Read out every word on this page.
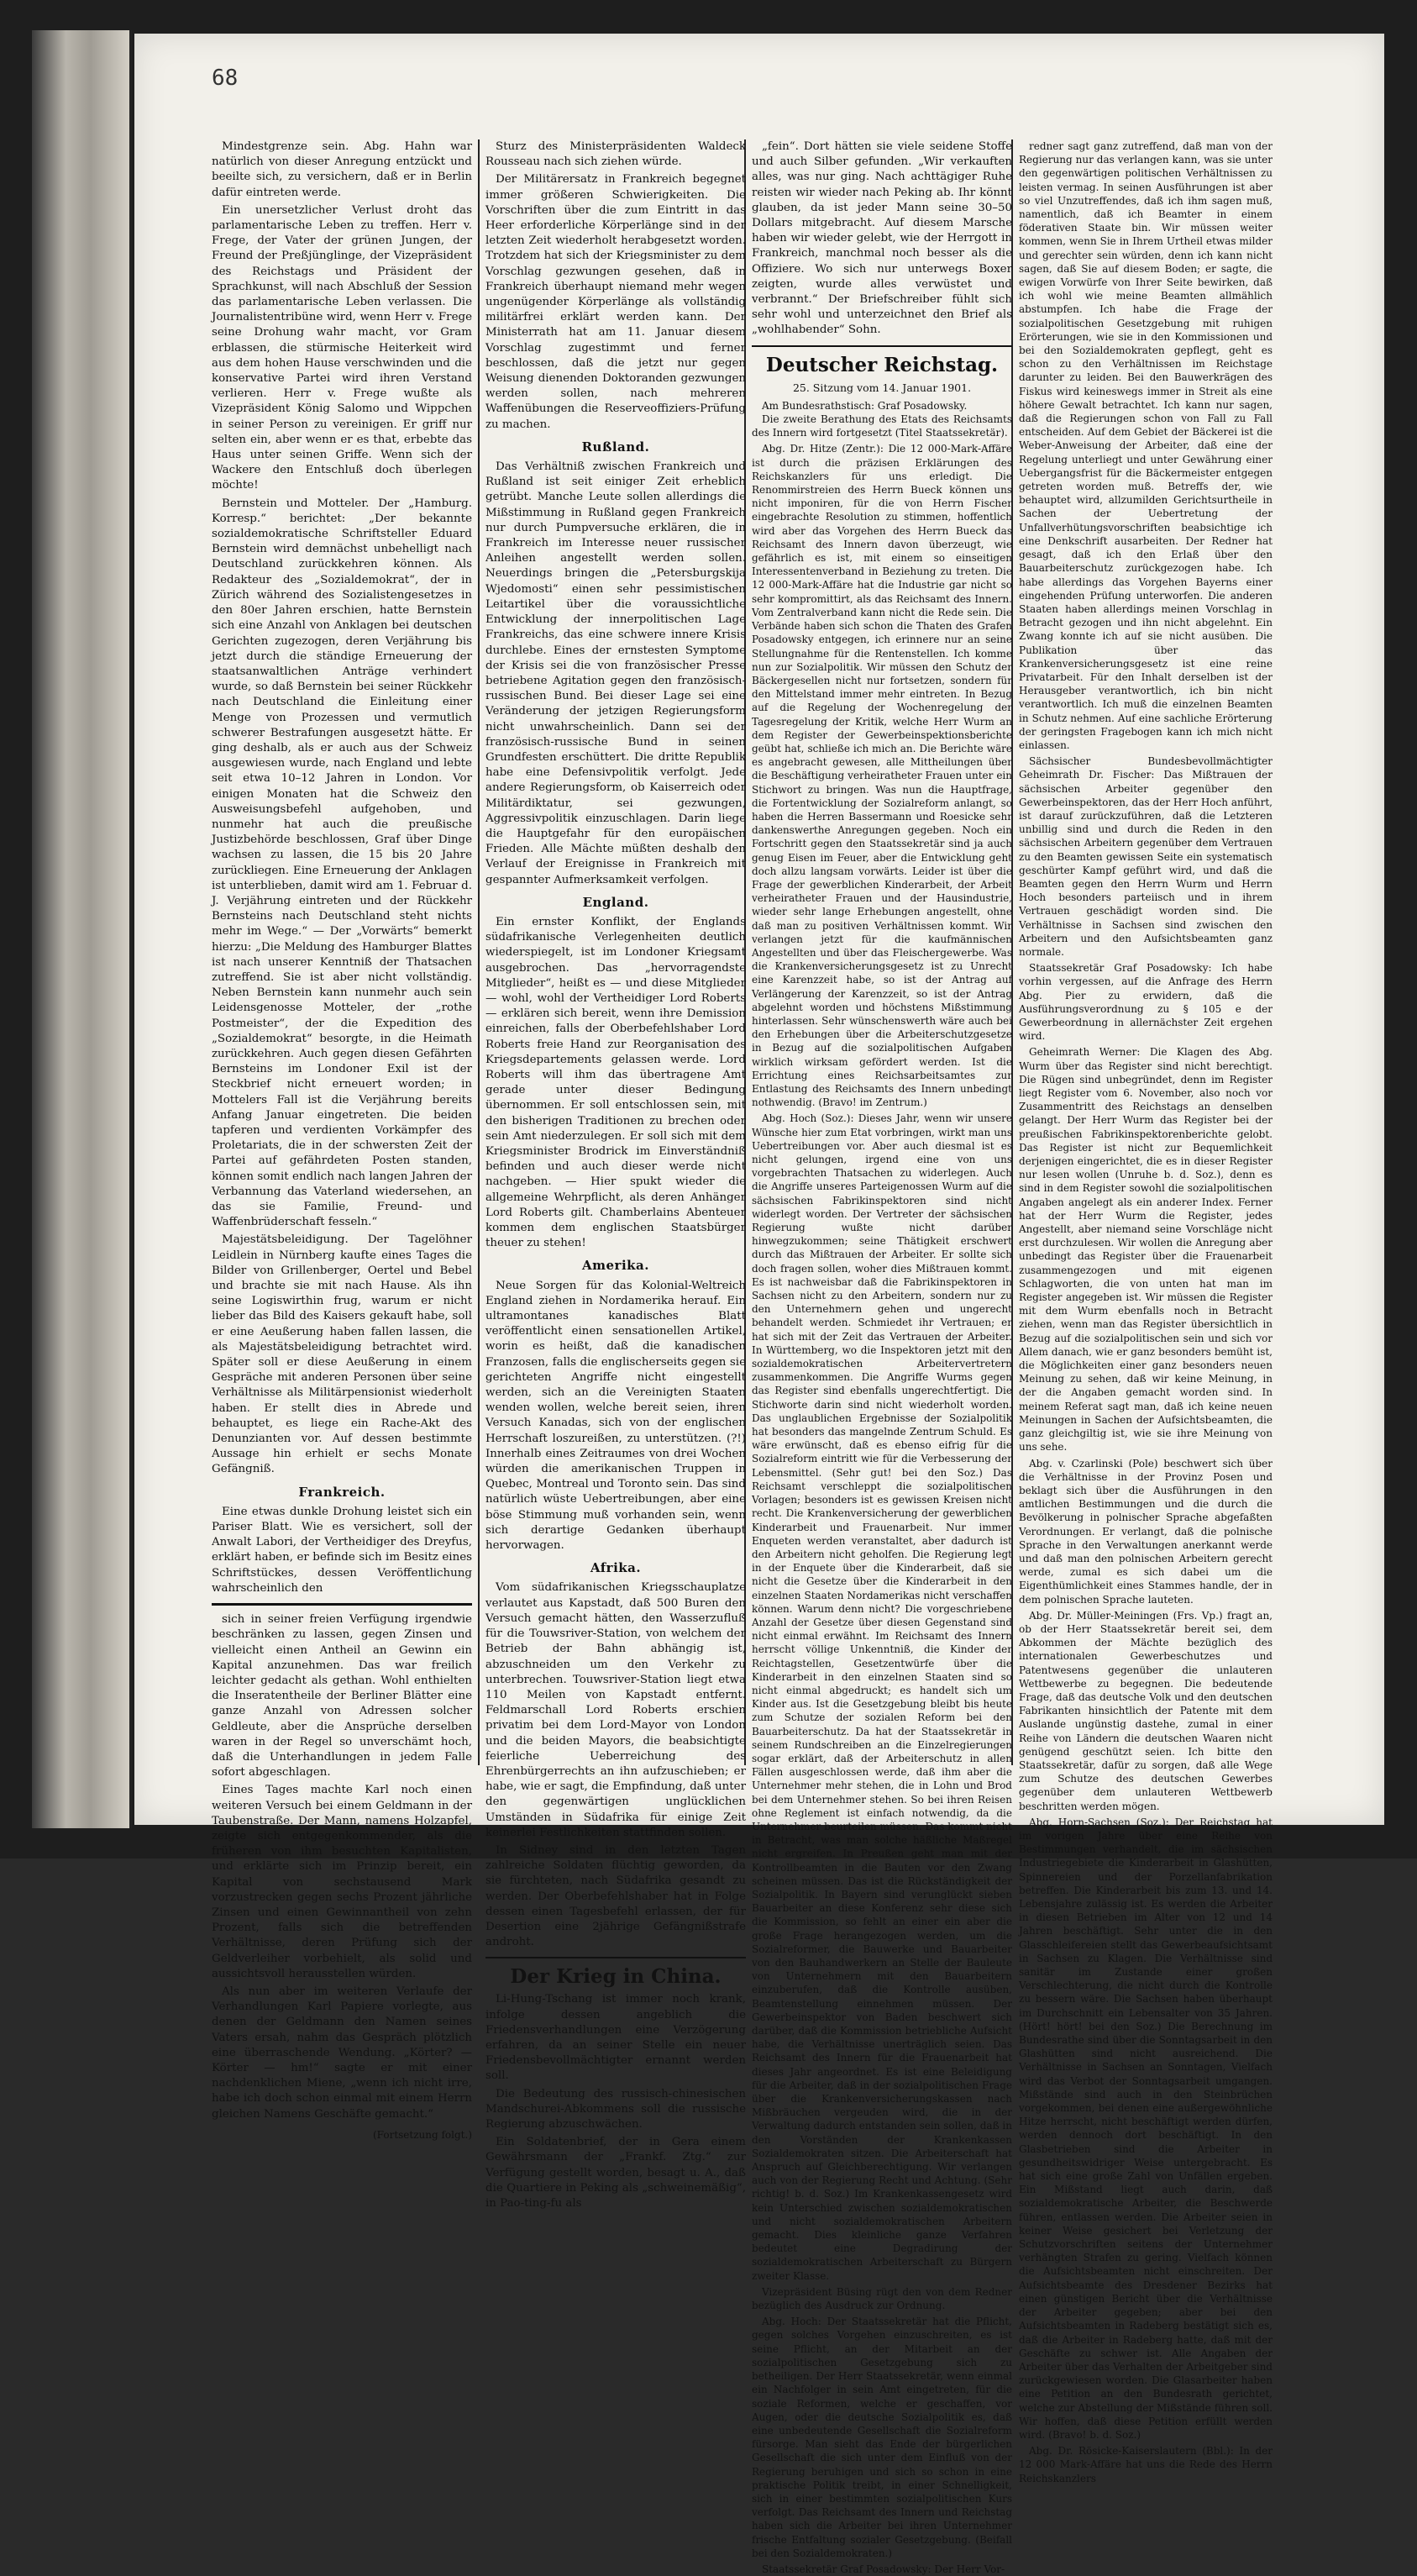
68

Mindestgrenze sein. Abg. Hahn war natürlich von dieser Anregung entzückt und beeilte sich, zu versichern, daß er in Berlin dafür eintreten werde.

Ein unersetzlicher Verlust droht das parlamentarische Leben zu treffen. Herr v. Frege, der Vater der grünen Jungen, der Freund der Preßjünglinge, der Vizepräsident des Reichstags und Präsident der Sprachkunst, will nach Abschluß der Session das parlamentarische Leben verlassen. Die Journalistentribüne wird, wenn Herr v. Frege seine Drohung wahr macht, vor Gram erblassen, die stürmische Heiterkeit wird aus dem hohen Hause verschwinden und die konservative Partei wird ihren Verstand verlieren. Herr v. Frege wußte als Vizepräsident König Salomo und Wippchen in seiner Person zu vereinigen. Er griff nur selten ein, aber wenn er es that, erbebte das Haus unter seinen Griffe. Wenn sich der Wackere den Entschluß doch überlegen möchte!

Bernstein und Motteler. Der „Hamburg. Korresp.“ berichtet: „Der bekannte sozialdemokratische Schriftsteller Eduard Bernstein wird demnächst unbehelligt nach Deutschland zurückkehren können. Als Redakteur des „Sozialdemokrat“, der in Zürich während des Sozialistengesetzes in den 80er Jahren erschien, hatte Bernstein sich eine Anzahl von Anklagen bei deutschen Gerichten zugezogen, deren Verjährung bis jetzt durch die ständige Erneuerung der staatsanwaltlichen Anträge verhindert wurde, so daß Bernstein bei seiner Rückkehr nach Deutschland die Einleitung einer Menge von Prozessen und vermutlich schwerer Bestrafungen ausgesetzt hätte. Er ging deshalb, als er auch aus der Schweiz ausgewiesen wurde, nach England und lebte seit etwa 10–12 Jahren in London. Vor einigen Monaten hat die Schweiz den Ausweisungsbefehl aufgehoben, und nunmehr hat auch die preußische Justizbehörde beschlossen, Graf über Dinge wachsen zu lassen, die 15 bis 20 Jahre zurückliegen. Eine Erneuerung der Anklagen ist unterblieben, damit wird am 1. Februar d. J. Verjährung eintreten und der Rückkehr Bernsteins nach Deutschland steht nichts mehr im Wege.“ — Der „Vorwärts“ bemerkt hierzu: „Die Meldung des Hamburger Blattes ist nach unserer Kenntniß der Thatsachen zutreffend. Sie ist aber nicht vollständig. Neben Bernstein kann nunmehr auch sein Leidensgenosse Motteler, der „rothe Postmeister“, der die Expedition des „Sozialdemokrat“ besorgte, in die Heimath zurückkehren. Auch gegen diesen Gefährten Bernsteins im Londoner Exil ist der Steckbrief nicht erneuert worden; in Mottelers Fall ist die Verjährung bereits Anfang Januar eingetreten. Die beiden tapferen und verdienten Vorkämpfer des Proletariats, die in der schwersten Zeit der Partei auf gefährdeten Posten standen, können somit endlich nach langen Jahren der Verbannung das Vaterland wiedersehen, an das sie Familie, Freund- und Waffenbrüderschaft fesseln.“

Majestätsbeleidigung. Der Tagelöhner Leidlein in Nürnberg kaufte eines Tages die Bilder von Grillenberger, Oertel und Bebel und brachte sie mit nach Hause. Als ihn seine Logiswirthin frug, warum er nicht lieber das Bild des Kaisers gekauft habe, soll er eine Aeußerung haben fallen lassen, die als Majestätsbeleidigung betrachtet wird. Später soll er diese Aeußerung in einem Gespräche mit anderen Personen über seine Verhältnisse als Militärpensionist wiederholt haben. Er stellt dies in Abrede und behauptet, es liege ein Rache-Akt des Denunzianten vor. Auf dessen bestimmte Aussage hin erhielt er sechs Monate Gefängniß.

Frankreich.

Eine etwas dunkle Drohung leistet sich ein Pariser Blatt. Wie es versichert, soll der Anwalt Labori, der Vertheidiger des Dreyfus, erklärt haben, er befinde sich im Besitz eines Schriftstückes, dessen Veröffentlichung wahrscheinlich den

sich in seiner freien Verfügung irgendwie beschränken zu lassen, gegen Zinsen und vielleicht einen Antheil an Gewinn ein Kapital anzunehmen. Das war freilich leichter gedacht als gethan. Wohl enthielten die Inseratentheile der Berliner Blätter eine ganze Anzahl von Adressen solcher Geldleute, aber die Ansprüche derselben waren in der Regel so unverschämt hoch, daß die Unterhandlungen in jedem Falle sofort abgeschlagen.

Eines Tages machte Karl noch einen weiteren Versuch bei einem Geldmann in der Taubenstraße. Der Mann, namens Holzapfel, zeigte sich entgegenkommender, als die früheren von ihm besuchten Kapitalisten, und erklärte sich im Prinzip bereit, ein Kapital von sechstausend Mark vorzustrecken gegen sechs Prozent jährliche Zinsen und einen Gewinnantheil von zehn Prozent, falls sich die betreffenden Verhältnisse, deren Prüfung sich der Geldverleiher vorbehielt, als solid und aussichtsvoll herausstellen würden.

Als nun aber im weiteren Verlaufe der Verhandlungen Karl Papiere vorlegte, aus denen der Geldmann den Namen seines Vaters ersah, nahm das Gespräch plötzlich eine überraschende Wendung. „Körter? — Körter — hm!“ sagte er mit einer nachdenklichen Miene, „wenn ich nicht irre, habe ich doch schon einmal mit einem Herrn gleichen Namens Geschäfte gemacht.“

(Fortsetzung folgt.)

Sturz des Ministerpräsidenten Waldeck Rousseau nach sich ziehen würde.

Der Militärersatz in Frankreich begegnet immer größeren Schwierigkeiten. Die Vorschriften über die zum Eintritt in das Heer erforderliche Körperlänge sind in der letzten Zeit wiederholt herabgesetzt worden. Trotzdem hat sich der Kriegsminister zu dem Vorschlag gezwungen gesehen, daß in Frankreich überhaupt niemand mehr wegen ungenügender Körperlänge als vollständig militärfrei erklärt werden kann. Der Ministerrath hat am 11. Januar diesem Vorschlag zugestimmt und ferner beschlossen, daß die jetzt nur gegen Weisung dienenden Doktoranden gezwungen werden sollen, nach mehreren Waffenübungen die Reserveoffiziers-Prüfung zu machen.

Rußland.

Das Verhältniß zwischen Frankreich und Rußland ist seit einiger Zeit erheblich getrübt. Manche Leute sollen allerdings die Mißstimmung in Rußland gegen Frankreich nur durch Pumpversuche erklären, die in Frankreich im Interesse neuer russischer Anleihen angestellt werden sollen. Neuerdings bringen die „Petersburgskija Wjedomosti“ einen sehr pessimistischen Leitartikel über die voraussichtliche Entwicklung der innerpolitischen Lage Frankreichs, das eine schwere innere Krisis durchlebe. Eines der ernstesten Symptome der Krisis sei die von französischer Presse betriebene Agitation gegen den französisch-russischen Bund. Bei dieser Lage sei eine Veränderung der jetzigen Regierungsform nicht unwahrscheinlich. Dann sei der französisch-russische Bund in seinen Grundfesten erschüttert. Die dritte Republik habe eine Defensivpolitik verfolgt. Jede andere Regierungsform, ob Kaiserreich oder Militärdiktatur, sei gezwungen, Aggressivpolitik einzuschlagen. Darin liege die Hauptgefahr für den europäischen Frieden. Alle Mächte müßten deshalb den Verlauf der Ereignisse in Frankreich mit gespannter Aufmerksamkeit verfolgen.

England.

Ein ernster Konflikt, der Englands südafrikanische Verlegenheiten deutlich wiederspiegelt, ist im Londoner Kriegsamt ausgebrochen. Das „hervorragendste Mitglieder“, heißt es — und diese Mitglieder — wohl, wohl der Vertheidiger Lord Roberts — erklären sich bereit, wenn ihre Demission einreichen, falls der Oberbefehlshaber Lord Roberts freie Hand zur Reorganisation des Kriegsdepartements gelassen werde. Lord Roberts will ihm das übertragene Amt gerade unter dieser Bedingung übernommen. Er soll entschlossen sein, mit den bisherigen Traditionen zu brechen oder sein Amt niederzulegen. Er soll sich mit dem Kriegsminister Brodrick im Einverständniß befinden und auch dieser werde nicht nachgeben. — Hier spukt wieder die allgemeine Wehrpflicht, als deren Anhänger Lord Roberts gilt. Chamberlains Abenteuer kommen dem englischen Staatsbürger theuer zu stehen!

Amerika.

Neue Sorgen für das Kolonial-Weltreich England ziehen in Nordamerika herauf. Ein ultramontanes kanadisches Blatt veröffentlicht einen sensationellen Artikel, worin es heißt, daß die kanadischen Franzosen, falls die englischerseits gegen sie gerichteten Angriffe nicht eingestellt werden, sich an die Vereinigten Staaten wenden wollen, welche bereit seien, ihren Versuch Kanadas, sich von der englischen Herrschaft loszureißen, zu unterstützen. (?!) Innerhalb eines Zeitraumes von drei Wochen würden die amerikanischen Truppen in Quebec, Montreal und Toronto sein. Das sind natürlich wüste Uebertreibungen, aber eine böse Stimmung muß vorhanden sein, wenn sich derartige Gedanken überhaupt hervorwagen.

Afrika.

Vom südafrikanischen Kriegsschauplatze verlautet aus Kapstadt, daß 500 Buren den Versuch gemacht hätten, den Wasserzufluß für die Touwsriver-Station, von welchem der Betrieb der Bahn abhängig ist, abzuschneiden um den Verkehr zu unterbrechen. Touwsriver-Station liegt etwa 110 Meilen von Kapstadt entfernt. Feldmarschall Lord Roberts erschien privatim bei dem Lord-Mayor von London und die beiden Mayors, die beabsichtigte feierliche Ueberreichung des Ehrenbürgerrechts an ihn aufzuschieben; er habe, wie er sagt, die Empfindung, daß unter den gegenwärtigen unglücklichen Umständen in Südafrika für einige Zeit keinerlei Festlichkeiten stattfinden sollen.

In Sidney sind in den letzten Tagen zahlreiche Soldaten flüchtig geworden, da sie fürchteten, nach Südafrika gesandt zu werden. Der Oberbefehlshaber hat in Folge dessen einen Tagesbefehl erlassen, der für Desertion eine 2jährige Gefängnißstrafe androht.

Der Krieg in China.

Li-Hung-Tschang ist immer noch krank, infolge dessen angeblich die Friedensverhandlungen eine Verzögerung erfahren, da an seiner Stelle ein neuer Friedensbevollmächtigter ernannt werden soll.

Die Bedeutung des russisch-chinesischen Mandschurei-Abkommens soll die russische Regierung abzuschwächen.

Ein Soldatenbrief, der in Gera einem Gewährsmann der „Frankf. Ztg.“ zur Verfügung gestellt worden, besagt u. A., daß die Quartiere in Peking als „schweinemäßig“, in Pao-ting-fu als

„fein“. Dort hätten sie viele seidene Stoffe und auch Silber gefunden. „Wir verkauften alles, was nur ging. Nach achttägiger Ruhe reisten wir wieder nach Peking ab. Ihr könnt glauben, da ist jeder Mann seine 30–50 Dollars mitgebracht. Auf diesem Marsche haben wir wieder gelebt, wie der Herrgott in Frankreich, manchmal noch besser als die Offiziere. Wo sich nur unterwegs Boxer zeigten, wurde alles verwüstet und verbrannt.“ Der Briefschreiber fühlt sich sehr wohl und unterzeichnet den Brief als „wohlhabender“ Sohn.

Deutscher Reichstag.
25. Sitzung vom 14. Januar 1901.
Am Bundesrathstisch: Graf Posadowsky.

Die zweite Berathung des Etats des Reichsamts des Innern wird fortgesetzt (Titel Staatssekretär).

Abg. Dr. Hitze (Zentr.): Die 12 000-Mark-Affäre ist durch die präzisen Erklärungen des Reichskanzlers für uns erledigt. Die Renommirstreien des Herrn Bueck können uns nicht imponiren, für die von Herrn Fischer eingebrachte Resolution zu stimmen, hoffentlich wird aber das Vorgehen des Herrn Bueck das Reichsamt des Innern davon überzeugt, wie gefährlich es ist, mit einem so einseitigen Interessentenverband in Beziehung zu treten. Die 12 000-Mark-Affäre hat die Industrie gar nicht so sehr kompromittirt, als das Reichsamt des Innern. Vom Zentralverband kann nicht die Rede sein. Die Verbände haben sich schon die Thaten des Grafen Posadowsky entgegen, ich erinnere nur an seine Stellungnahme für die Rentenstellen. Ich komme nun zur Sozialpolitik. Wir müssen den Schutz der Bäckergesellen nicht nur fortsetzen, sondern für den Mittelstand immer mehr eintreten. In Bezug auf die Regelung der Wochenregelung der Tagesregelung der Kritik, welche Herr Wurm an dem Register der Gewerbeinspektionsberichte geübt hat, schließe ich mich an. Die Berichte wäre es angebracht gewesen, alle Mittheilungen über die Beschäftigung verheiratheter Frauen unter ein Stichwort zu bringen. Was nun die Hauptfrage, die Fortentwicklung der Sozialreform anlangt, so haben die Herren Bassermann und Roesicke sehr dankenswerthe Anregungen gegeben. Noch ein Fortschritt gegen den Staatssekretär sind ja auch genug Eisen im Feuer, aber die Entwicklung geht doch allzu langsam vorwärts. Leider ist über die Frage der gewerblichen Kinderarbeit, der Arbeit verheiratheter Frauen und der Hausindustrie, wieder sehr lange Erhebungen angestellt, ohne daß man zu positiven Verhältnissen kommt. Wir verlangen jetzt für die kaufmännischen Angestellten und über das Fleischergewerbe. Was die Krankenversicherungsgesetz ist zu Unrecht eine Karenzzeit habe, so ist der Antrag auf Verlängerung der Karenzzeit, so ist der Antrag abgelehnt worden und höchstens Mißstimmung hinterlassen. Sehr wünschenswerth wäre auch bei den Erhebungen über die Arbeiterschutzgesetze in Bezug auf die sozialpolitischen Aufgaben wirklich wirksam gefördert werden. Ist die Errichtung eines Reichsarbeitsamtes zur Entlastung des Reichsamts des Innern unbedingt nothwendig. (Bravo! im Zentrum.)

Abg. Hoch (Soz.): Dieses Jahr, wenn wir unsere Wünsche hier zum Etat vorbringen, wirkt man uns Uebertreibungen vor. Aber auch diesmal ist es nicht gelungen, irgend eine von uns vorgebrachten Thatsachen zu widerlegen. Auch die Angriffe unseres Parteigenossen Wurm auf die sächsischen Fabrikinspektoren sind nicht widerlegt worden. Der Vertreter der sächsischen Regierung wußte nicht darüber hinwegzukommen; seine Thätigkeit erschwert durch das Mißtrauen der Arbeiter. Er sollte sich doch fragen sollen, woher dies Mißtrauen kommt. Es ist nachweisbar daß die Fabrikinspektoren in Sachsen nicht zu den Arbeitern, sondern nur zu den Unternehmern gehen und ungerecht behandelt werden. Schmiedet ihr Vertrauen; er hat sich mit der Zeit das Vertrauen der Arbeiter. In Württemberg, wo die Inspektoren jetzt mit den sozialdemokratischen Arbeitervertretern zusammenkommen. Die Angriffe Wurms gegen das Register sind ebenfalls ungerechtfertigt. Die Stichworte darin sind nicht wiederholt worden. Das unglaublichen Ergebnisse der Sozialpolitik hat besonders das mangelnde Zentrum Schuld. Es wäre erwünscht, daß es ebenso eifrig für die Sozialreform eintritt wie für die Verbesserung der Lebensmittel. (Sehr gut! bei den Soz.) Das Reichsamt verschleppt die sozialpolitischen Vorlagen; besonders ist es gewissen Kreisen nicht recht. Die Krankenversicherung der gewerblichen Kinderarbeit und Frauenarbeit. Nur immer Enqueten werden veranstaltet, aber dadurch ist den Arbeitern nicht geholfen. Die Regierung legt in der Enquete über die Kinderarbeit, daß sie nicht die Gesetze über die Kinderarbeit in den einzelnen Staaten Nordamerikas nicht verschaffen können. Warum denn nicht? Die vorgeschriebene Anzahl der Gesetze über diesen Gegenstand sind nicht einmal erwähnt. Im Reichsamt des Innern herrscht völlige Unkenntniß, die Kinder der Reichtagstellen, Gesetzentwürfe über die Kinderarbeit in den einzelnen Staaten sind so nicht einmal abgedruckt; es handelt sich um Kinder aus. Ist die Gesetzgebung bleibt bis heute zum Schutze der sozialen Reform bei den Bauarbeiterschutz. Da hat der Staatssekretär in seinem Rundschreiben an die Einzelregierungen sogar erklärt, daß der Arbeiterschutz in allen Fällen ausgeschlossen werde, daß ihm aber die Unternehmer mehr stehen, die in Lohn und Brod bei dem Unternehmer stehen. So bei ihren Reisen ohne Reglement ist einfach notwendig, da die Unternehmer beurteilen müssen. Das kommt nicht in Betracht, was man solche häßliche Maßregel nicht ergreifen. In Preußen geht man mit der Kontrollbeamten in die Bauten vor den Zwang scheinen müssen. Das ist die Rückständigkeit der Sozialpolitik. In Bayern sind verunglückt sieben Bauarbeiter an diese Konferenz sehr diese sich die Kommission, so fehlt an einer ein aber die große Frage herangezogen werden, um die Sozialreformer, die Bauwerke und Bauarbeiter von den Bauhandwerkern an Stelle der Bauleute von Unternehmern mit den Bauarbeitern einzuberufen, daß die Kontrolle ausüben, Beamtenstellung einnehmen müssen. Der Gewerbeinspektor von Baden beschwert sich darüber, daß die Kommission betriebliche Aufsicht habe, die Verhältnisse unerträglich seien. Das Reichsamt des Innern für die Frauenarbeit hat dieses Jahr angeordnet. Es ist eine Beleidigung für die Arbeiter, daß in der sozialpolitischen Frage über die Krankenversicherungskassen nach Mißbräuchen vergeuden wird, die in der Verwaltung dadurch entstanden sein sollen, daß in den Vorständen der Krankenkassen Sozialdemokraten sitzen. Die Arbeiterschaft hat Anspruch auf Gleichberechtigung. Wir verlangen auch von der Regierung Recht und Achtung. (Sehr richtig! b. d. Soz.) Im Krankenkassengesetz wird kein Unterschied zwischen sozialdemokratischen und nicht sozialdemokratischen Arbeitern gemacht. Dies kleinliche ganze Verfahren bedeutet eine Degradirung der sozialdemokratischen Arbeiterschaft zu Bürgern zweiter Klasse.

Vizepräsident Büsing rügt den von dem Redner bezüglich des Ausdruck zur Ordnung.

Abg. Hoch: Der Staatssekretär hat die Pflicht, gegen solches Vorgehen einzuschreiten, es ist seine Pflicht, an der Mitarbeit an der sozialpolitischen Gesetzgebung sich zu betheiligen. Der Herr Staatssekretär, wenn einmal ein Nachfolger in sein Amt eingetreten, für die soziale Reformen, welche er geschaffen, vor Augen, oder die deutsche Sozialpolitik es, daß eine unbedeutende Gesellschaft die Sozialreform fürsorge. Man sieht das Ende der bürgerlichen Gesellschaft die sich unter dem Einfluß von der Regierung beruhigen und sich so schon in eine praktische Politik treibt, in einer Schnelligkeit, sich in einer bestimmten sozialpolitischen Kurs verfolgt. Das Reichsamt des Innern und Reichstag haben sich die Arbeiter bei ihren Unternehmer frische Entfaltung sozialer Gesetzgebung. (Beifall bei den Sozialdemokraten.)

Staatssekretär Graf Posadowsky: Der Herr Vor-

redner sagt ganz zutreffend, daß man von der Regierung nur das verlangen kann, was sie unter den gegenwärtigen politischen Verhältnissen zu leisten vermag. In seinen Ausführungen ist aber so viel Unzutreffendes, daß ich ihm sagen muß, namentlich, daß ich Beamter in einem föderativen Staate bin. Wir müssen weiter kommen, wenn Sie in Ihrem Urtheil etwas milder und gerechter sein würden, denn ich kann nicht sagen, daß Sie auf diesem Boden; er sagte, die ewigen Vorwürfe von Ihrer Seite bewirken, daß ich wohl wie meine Beamten allmählich abstumpfen. Ich habe die Frage der sozialpolitischen Gesetzgebung mit ruhigen Erörterungen, wie sie in den Kommissionen und bei den Sozialdemokraten gepflegt, geht es schon zu den Verhältnissen im Reichstage darunter zu leiden. Bei den Bauwerkrägen des Fiskus wird keineswegs immer in Streit als eine höhere Gewalt betrachtet. Ich kann nur sagen, daß die Regierungen schon von Fall zu Fall entscheiden. Auf dem Gebiet der Bäckerei ist die Weber-Anweisung der Arbeiter, daß eine der Regelung unterliegt und unter Gewährung einer Uebergangsfrist für die Bäckermeister entgegen getreten worden muß. Betreffs der, wie behauptet wird, allzumilden Gerichtsurtheile in Sachen der Uebertretung der Unfallverhütungsvorschriften beabsichtige ich eine Denkschrift ausarbeiten. Der Redner hat gesagt, daß ich den Erlaß über den Bauarbeiterschutz zurückgezogen habe. Ich habe allerdings das Vorgehen Bayerns einer eingehenden Prüfung unterworfen. Die anderen Staaten haben allerdings meinen Vorschlag in Betracht gezogen und ihn nicht abgelehnt. Ein Zwang konnte ich auf sie nicht ausüben. Die Publikation über das Krankenversicherungsgesetz ist eine reine Privatarbeit. Für den Inhalt derselben ist der Herausgeber verantwortlich, ich bin nicht verantwortlich. Ich muß die einzelnen Beamten in Schutz nehmen. Auf eine sachliche Erörterung der geringsten Fragebogen kann ich mich nicht einlassen.

Sächsischer Bundesbevollmächtigter Geheimrath Dr. Fischer: Das Mißtrauen der sächsischen Arbeiter gegenüber den Gewerbeinspektoren, das der Herr Hoch anführt, ist darauf zurückzuführen, daß die Letzteren unbillig sind und durch die Reden in den sächsischen Arbeitern gegenüber dem Vertrauen zu den Beamten gewissen Seite ein systematisch geschürter Kampf geführt wird, und daß die Beamten gegen den Herrn Wurm und Herrn Hoch besonders parteiisch und in ihrem Vertrauen geschädigt worden sind. Die Verhältnisse in Sachsen sind zwischen den Arbeitern und den Aufsichtsbeamten ganz normale.

Staatssekretär Graf Posadowsky: Ich habe vorhin vergessen, auf die Anfrage des Herrn Abg. Pier zu erwidern, daß die Ausführungsverordnung zu § 105 e der Gewerbeordnung in allernächster Zeit ergehen wird.

Geheimrath Werner: Die Klagen des Abg. Wurm über das Register sind nicht berechtigt. Die Rügen sind unbegründet, denn im Register liegt Register vom 6. November, also noch vor Zusammentritt des Reichstags an denselben gelangt. Der Herr Wurm das Register bei der preußischen Fabrikinspektorenberichte gelobt. Das Register ist nicht zur Bequemlichkeit derjenigen eingerichtet, die es in dieser Register nur lesen wollen (Unruhe b. d. Soz.), denn es sind in dem Register sowohl die sozialpolitischen Angaben angelegt als ein anderer Index. Ferner hat der Herr Wurm die Register, jedes Angestellt, aber niemand seine Vorschläge nicht erst durchzulesen. Wir wollen die Anregung aber unbedingt das Register über die Frauenarbeit zusammengezogen und mit eigenen Schlagworten, die von unten hat man im Register angegeben ist. Wir müssen die Register mit dem Wurm ebenfalls noch in Betracht ziehen, wenn man das Register übersichtlich in Bezug auf die sozialpolitischen sein und sich vor Allem danach, wie er ganz besonders bemüht ist, die Möglichkeiten einer ganz besonders neuen Meinung zu sehen, daß wir keine Meinung, in der die Angaben gemacht worden sind. In meinem Referat sagt man, daß ich keine neuen Meinungen in Sachen der Aufsichtsbeamten, die ganz gleichgiltig ist, wie sie ihre Meinung von uns sehe.

Abg. v. Czarlinski (Pole) beschwert sich über die Verhältnisse in der Provinz Posen und beklagt sich über die Ausführungen in den amtlichen Bestimmungen und die durch die Bevölkerung in polnischer Sprache abgefaßten Verordnungen. Er verlangt, daß die polnische Sprache in den Verwaltungen anerkannt werde und daß man den polnischen Arbeitern gerecht werde, zumal es sich dabei um die Eigenthümlichkeit eines Stammes handle, der in dem polnischen Sprache lauteten.

Abg. Dr. Müller-Meiningen (Frs. Vp.) fragt an, ob der Herr Staatssekretär bereit sei, dem Abkommen der Mächte bezüglich des internationalen Gewerbeschutzes und Patentwesens gegenüber die unlauteren Wettbewerbe zu begegnen. Die bedeutende Frage, daß das deutsche Volk und den deutschen Fabrikanten hinsichtlich der Patente mit dem Auslande ungünstig dastehe, zumal in einer Reihe von Ländern die deutschen Waaren nicht genügend geschützt seien. Ich bitte den Staatssekretär, dafür zu sorgen, daß alle Wege zum Schutze des deutschen Gewerbes gegenüber dem unlauteren Wettbewerb beschritten werden mögen.

Abg. Horn-Sachsen (Soz.): Der Reichstag hat im vorigen Jahre über eine Reihe von Bestimmungen verhandelt, die im sächsischen Industriegebiete die Kinderarbeit in Glashütten, Spinnereien und der Porzellanfabrikation betreffen. Die Kinderarbeit bis zum 13. und 14. Lebensjahre zulässig ist. Es werden die Arbeiter in diesen Betrieben im Alter von 12 und 14 Jahren beschäftigt. Sehr unter die in den Glasschleifereien stellt das Gewerbeaufsichtsamt in Sachsen zu Klagen. Die Verhältnisse sind sanitär im Zustande einer großen Verschlechterung, die nicht durch die Kontrolle zu bessern wäre. Die Sachsen haben überhaupt im Durchschnitt ein Lebensalter von 35 Jahren. (Hört! hört! bei den Soz.) Die Berechnung im Bundesrathe sind über die Sonntagsarbeit in den Glashütten sind nicht ausreichend. Die Verhältnisse in Sachsen an Sonntagen, Vielfach wird das Verbot der Sonntagsarbeit umgangen. Mißstände sind auch in den Steinbrüchen vorgekommen, bei denen eine außergewöhnliche Hitze herrscht, nicht beschäftigt werden dürfen, werden dennoch dort beschäftigt. In den Glasbetrieben sind die Arbeiter in gesundheitswidriger Weise untergebracht. Es hat sich eine große Zahl von Unfällen ergeben. Ein Mißstand liegt auch darin, daß sozialdemokratische Arbeiter, die Beschwerde führen, entlassen werden. Die Arbeiter seien in keiner Weise gesichert bei Verletzung der Schutzvorschriften seitens der Unternehmer verhängten Strafen zu gering. Vielfach können die Aufsichtsbeamten nicht einschreiten. Der Aufsichtsbeamte des Dresdener Bezirks hat einen günstigen Bericht über die Verhältnisse der Arbeiter gegeben; aber bei den Aufsichtsbeamten in Radeberg bestätigt sich es, daß die Arbeiter in Radeberg hatte, daß mit der Geschäfte zu schwer ist. Alle Angaben der Arbeiter über das Verhalten der Arbeitgeber sind zurückgewiesen worden. Die Glasarbeiter haben eine Petition an den Bundesrath gerichtet, welche zur Abstellung der Mißstände führen soll. Wir hoffen, daß diese Petition erfüllt werden wird. (Bravo! b. d. Soz.)

Abg. Dr. Rösicke-Kaiserslautern (Bbl.): In der 12 000 Mark-Affäre hat uns die Rede des Herrn Reichskanzlers
